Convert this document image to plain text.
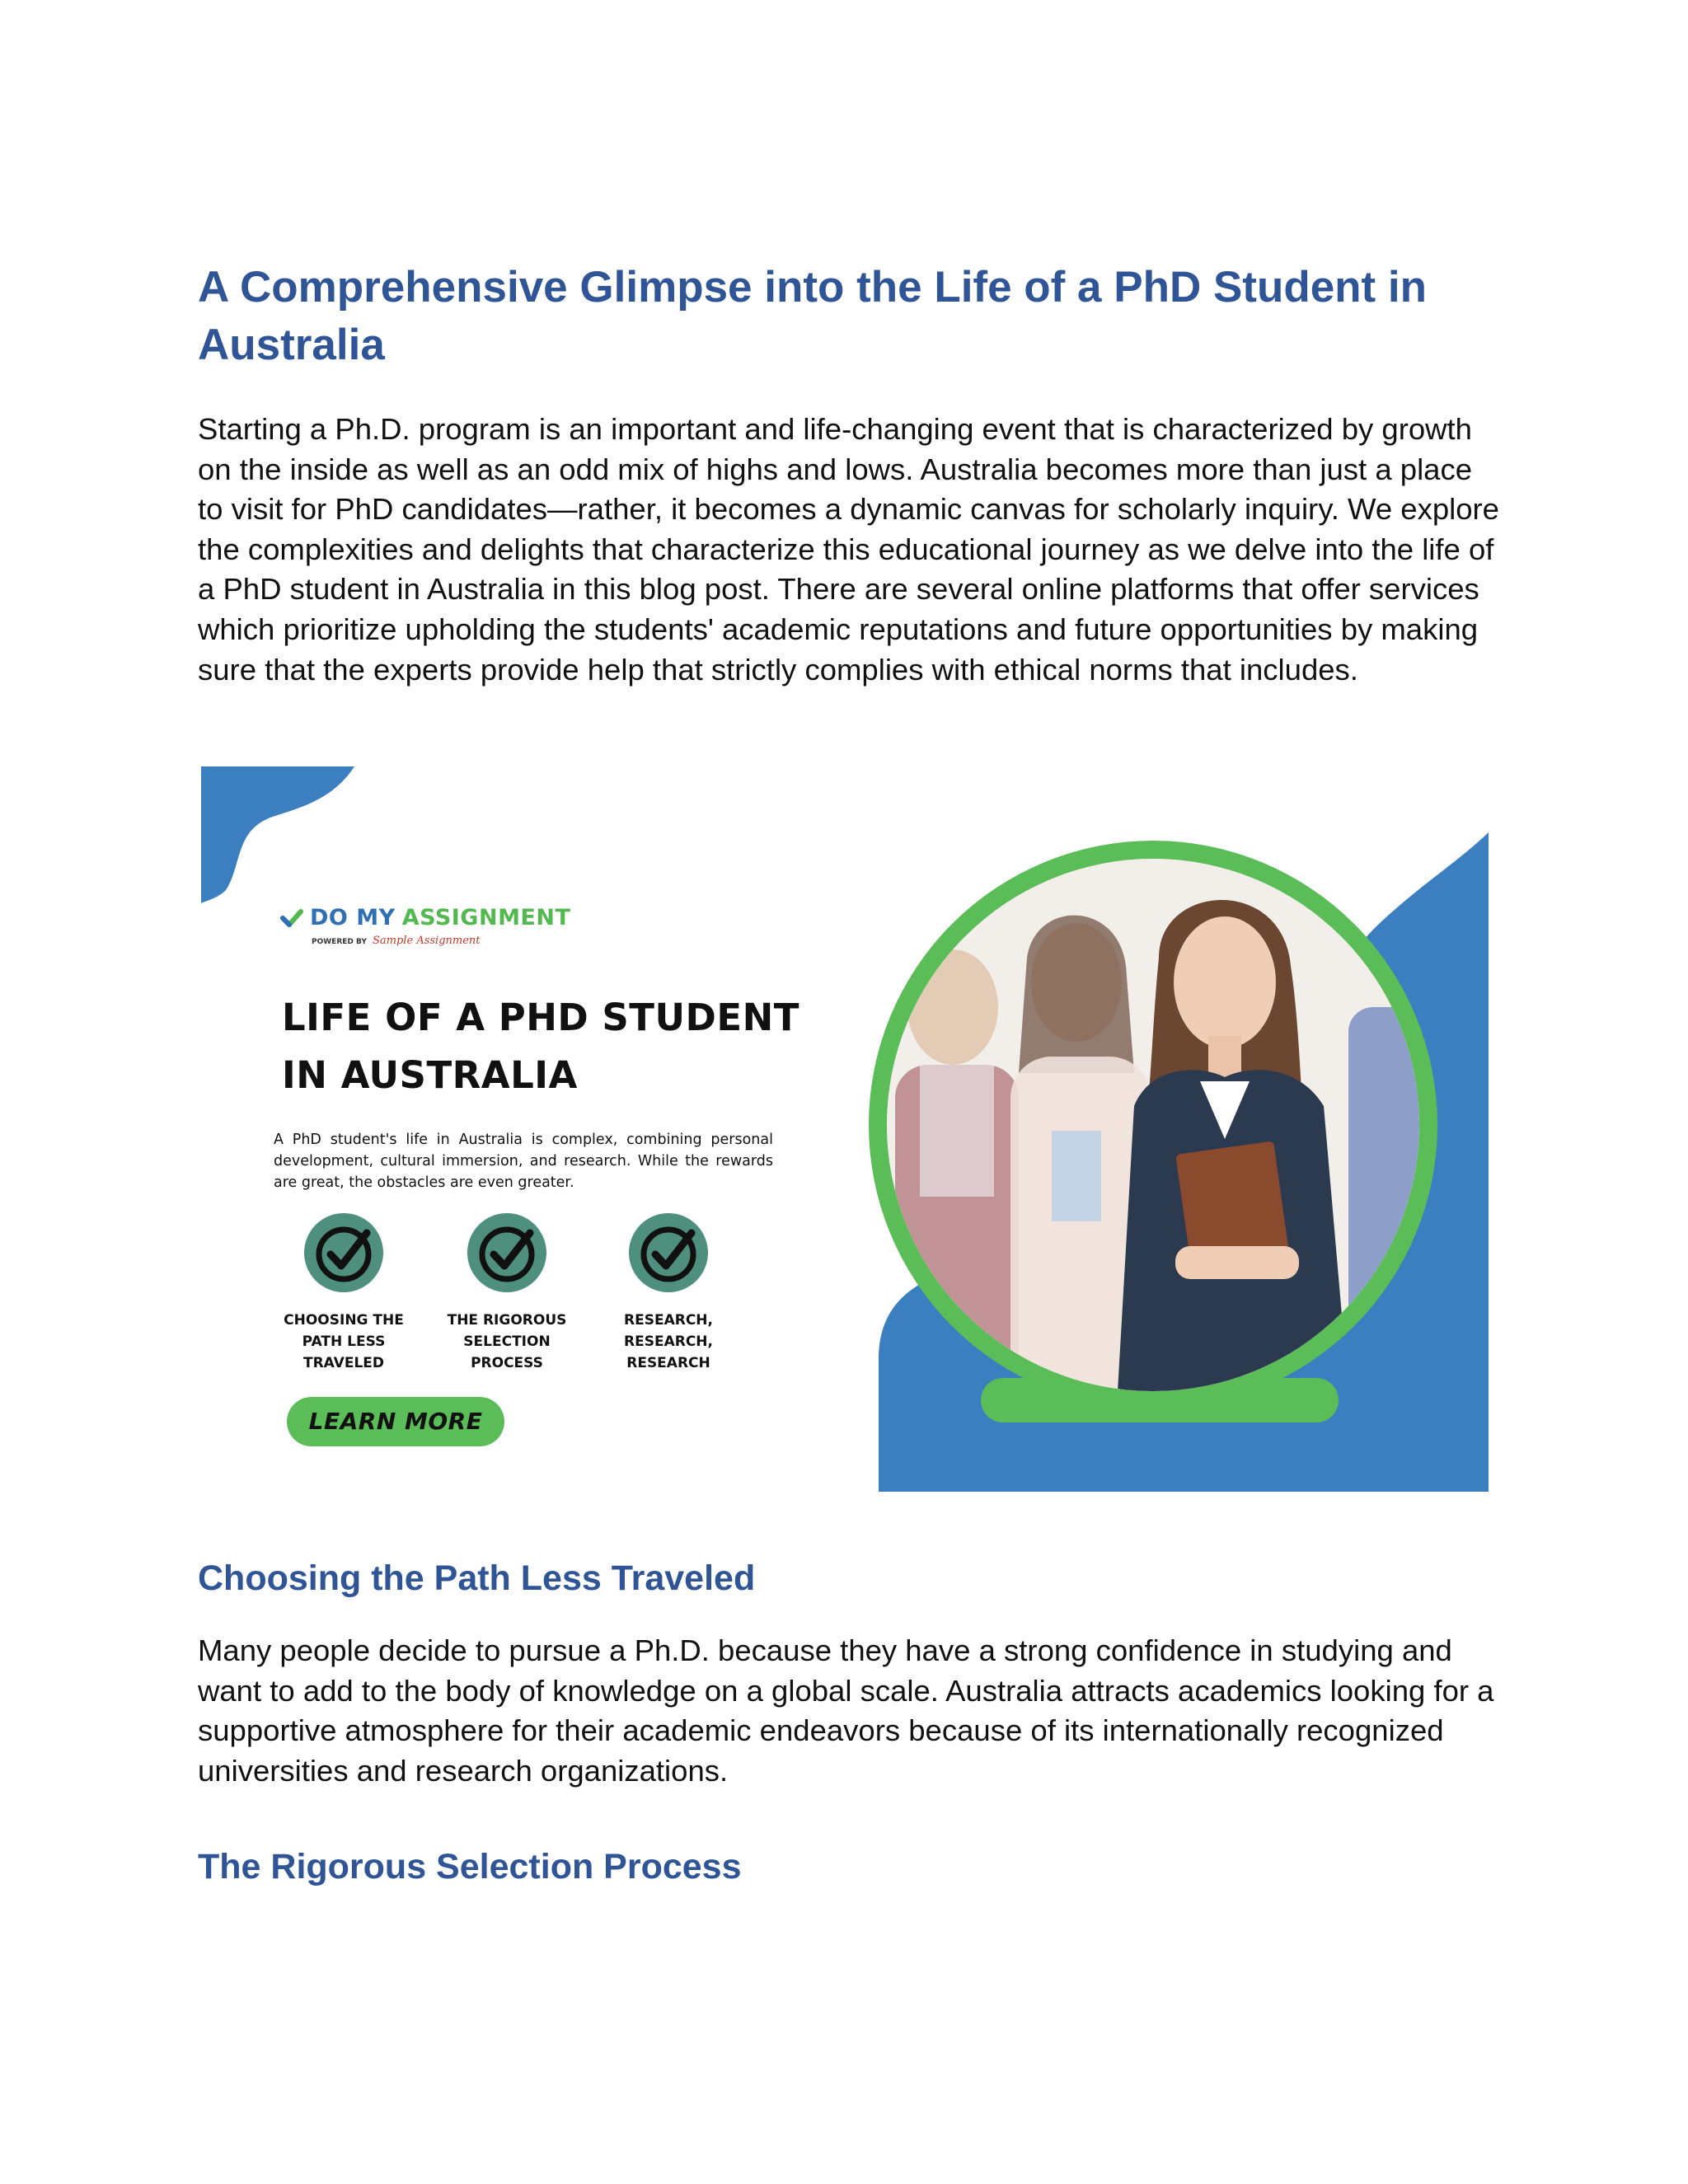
A Comprehensive Glimpse into the Life of a PhD Student in Australia

Starting a Ph.D. program is an important and life-changing event that is characterized by growth on the inside as well as an odd mix of highs and lows. Australia becomes more than just a place to visit for PhD candidates—rather, it becomes a dynamic canvas for scholarly inquiry. We explore the complexities and delights that characterize this educational journey as we delve into the life of a PhD student in Australia in this blog post. There are several online platforms that offer services which prioritize upholding the students' academic reputations and future opportunities by making sure that the experts provide help that strictly complies with ethical norms that includes.

DO MY ASSIGNMENT
POWERED BY Sample Assignment
LIFE OF A PHD STUDENT IN AUSTRALIA
A PhD student's life in Australia is complex, combining personal development, cultural immersion, and research. While the rewards are great, the obstacles are even greater.
CHOOSING THE PATH LESS TRAVELED
THE RIGOROUS SELECTION PROCESS
RESEARCH, RESEARCH, RESEARCH
LEARN MORE
Choosing the Path Less Traveled

Many people decide to pursue a Ph.D. because they have a strong confidence in studying and want to add to the body of knowledge on a global scale. Australia attracts academics looking for a supportive atmosphere for their academic endeavors because of its internationally recognized universities and research organizations.

The Rigorous Selection Process
